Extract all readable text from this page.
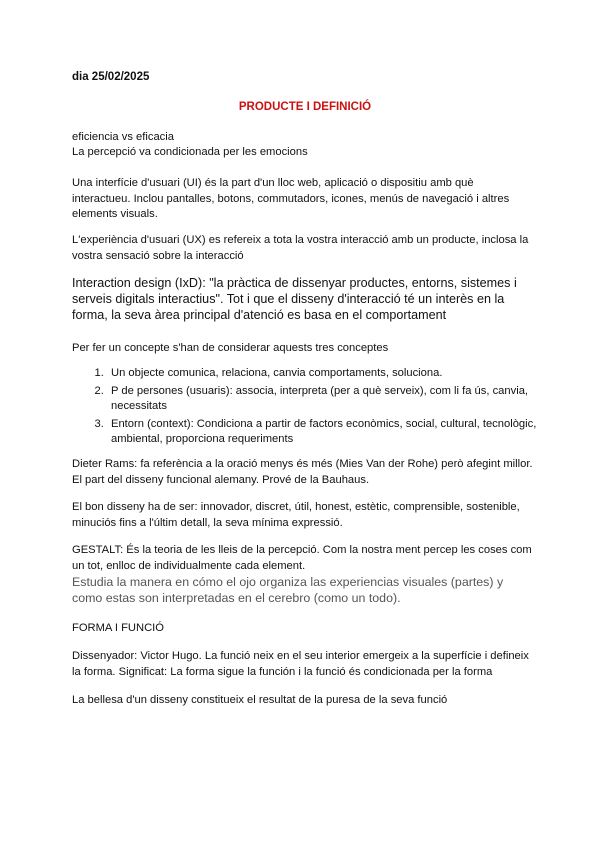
dia 25/02/2025
PRODUCTE I DEFINICIÓ
eficiencia vs eficacia
La percepció va condicionada per les emocions
Una interfície d'usuari (UI) és la part d'un lloc web, aplicació o dispositiu amb què interactueu. Inclou pantalles, botons, commutadors, icones, menús de navegació i altres elements visuals.
L'experiència d'usuari (UX) es refereix a tota la vostra interacció amb un producte, inclosa la vostra sensació sobre la interacció
Interaction design (IxD): "la pràctica de dissenyar productes, entorns, sistemes i serveis digitals interactius". Tot i que el disseny d'interacció té un interès en la forma, la seva àrea principal d'atenció es basa en el comportament
Per fer un concepte s'han de considerar aquests tres conceptes
1. Un objecte comunica, relaciona, canvia comportaments, soluciona.
2. P de persones (usuaris): associa, interpreta (per a què serveix), com li fa ús, canvia, necessitats
3. Entorn (context): Condiciona a partir de factors econòmics, social, cultural, tecnològic, ambiental, proporciona requeriments
Dieter Rams: fa referència a la oració menys és més (Mies Van der Rohe) però afegint millor. El part del disseny funcional alemany. Prové de la Bauhaus.
El bon disseny ha de ser: innovador, discret, útil, honest, estètic, comprensible, sostenible, minuciós fins a l'últim detall, la seva mínima expressió.
GESTALT: És la teoria de les lleis de la percepció. Com la nostra ment percep les coses com un tot, enlloc de individualmente cada element.
Estudia la manera en cómo el ojo organiza las experiencias visuales (partes) y como estas son interpretadas en el cerebro (como un todo).
FORMA I FUNCIÓ
Dissenyador: Victor Hugo. La funció neix en el seu interior emergeix a la superfície i defineix la forma. Significat: La forma sigue la función i la funció és condicionada per la forma
La bellesa d'un disseny constitueix el resultat de la puresa de la seva funció
